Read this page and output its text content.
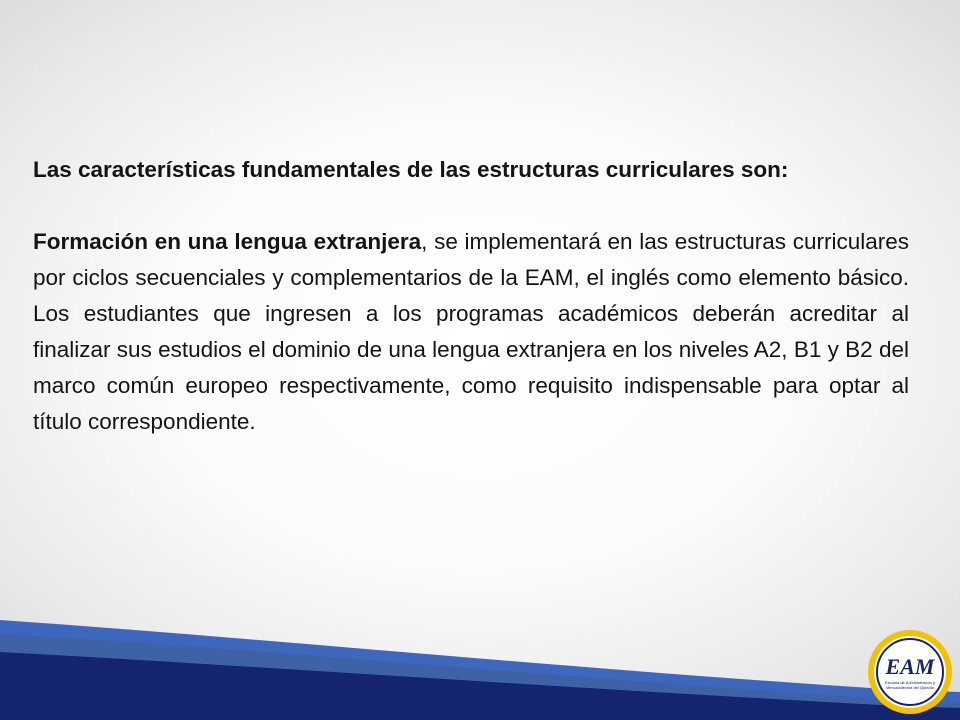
Las características fundamentales de las estructuras curriculares son:

Formación en una lengua extranjera, se implementará en las estructuras curriculares por ciclos secuenciales y complementarios de la EAM, el inglés como elemento básico. Los estudiantes que ingresen a los programas académicos deberán acreditar al finalizar sus estudios el dominio de una lengua extranjera en los niveles A2, B1 y B2 del marco común europeo respectivamente, como requisito indispensable para optar al título correspondiente.

EAM
Escuela de Administración y
Mercadotecnia del Quindío
